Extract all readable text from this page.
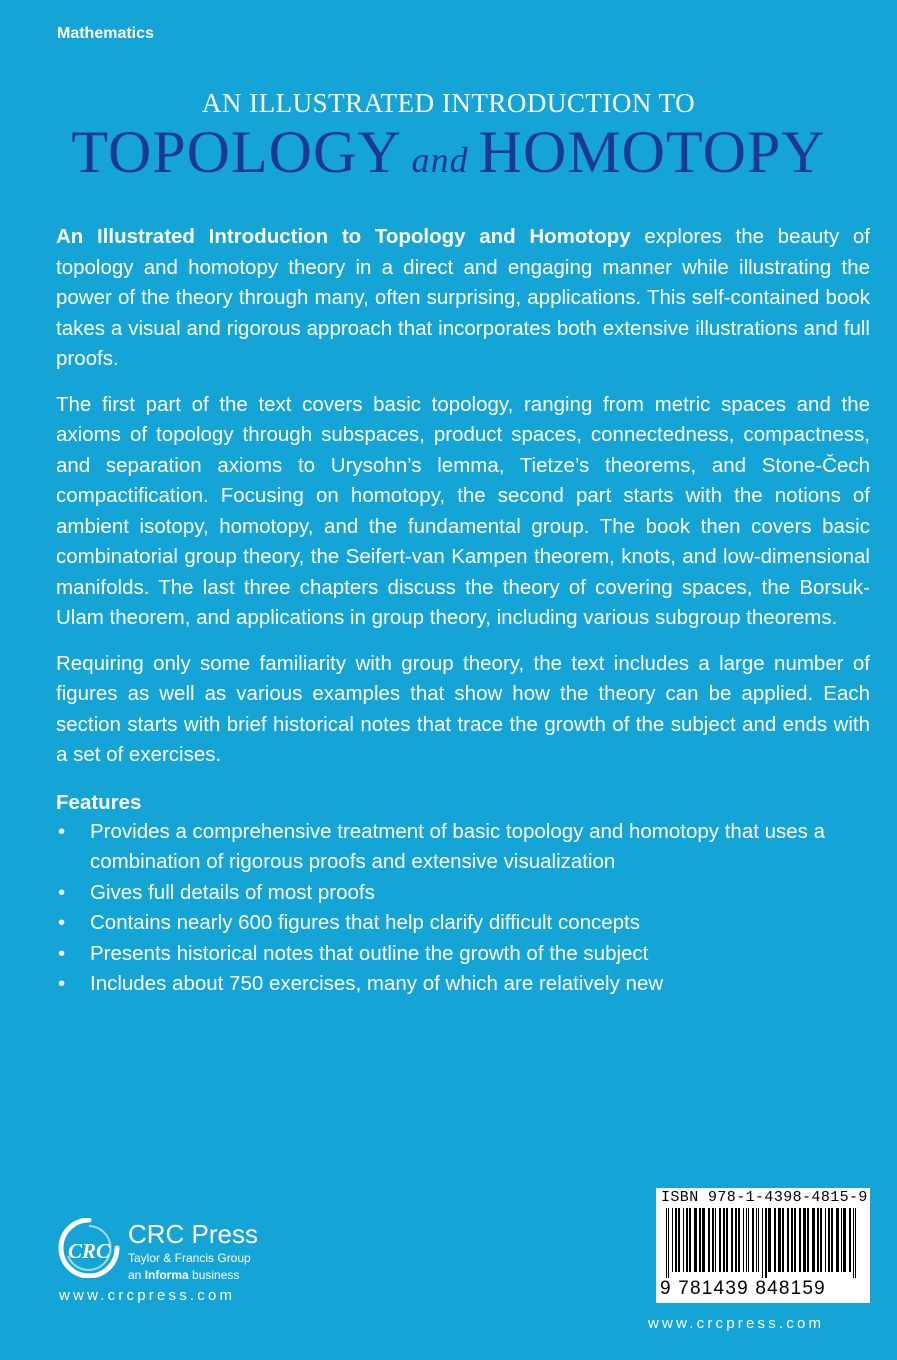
Mathematics
AN ILLUSTRATED INTRODUCTION TO
TOPOLOGY and HOMOTOPY

An Illustrated Introduction to Topology and Homotopy explores the beauty of topology and homotopy theory in a direct and engaging manner while illustrating the power of the theory through many, often surprising, applications. This self-contained book takes a visual and rigorous approach that incorporates both extensive illustrations and full proofs.

The first part of the text covers basic topology, ranging from metric spaces and the axioms of topology through subspaces, product spaces, connectedness, compactness, and separation axioms to Urysohn’s lemma, Tietze’s theorems, and Stone-Čech compactification. Focusing on homotopy, the second part starts with the notions of ambient isotopy, homotopy, and the fundamental group. The book then covers basic combinatorial group theory, the Seifert-van Kampen theorem, knots, and low-dimensional manifolds. The last three chapters discuss the theory of covering spaces, the Borsuk-Ulam theorem, and applications in group theory, including various subgroup theorems.

Requiring only some familiarity with group theory, the text includes a large number of figures as well as various examples that show how the theory can be applied. Each section starts with brief historical notes that trace the growth of the subject and ends with a set of exercises.

Features
• Provides a comprehensive treatment of basic topology and homotopy that uses a combination of rigorous proofs and extensive visualization
• Gives full details of most proofs
• Contains nearly 600 figures that help clarify difficult concepts
• Presents historical notes that outline the growth of the subject
• Includes about 750 exercises, many of which are relatively new
CRC
CRC Press
Taylor & Francis Group
an Informa business
www.crcpress.com
ISBN 978-1-4398-4815-9
9 781439 848159
www.crcpress.com
